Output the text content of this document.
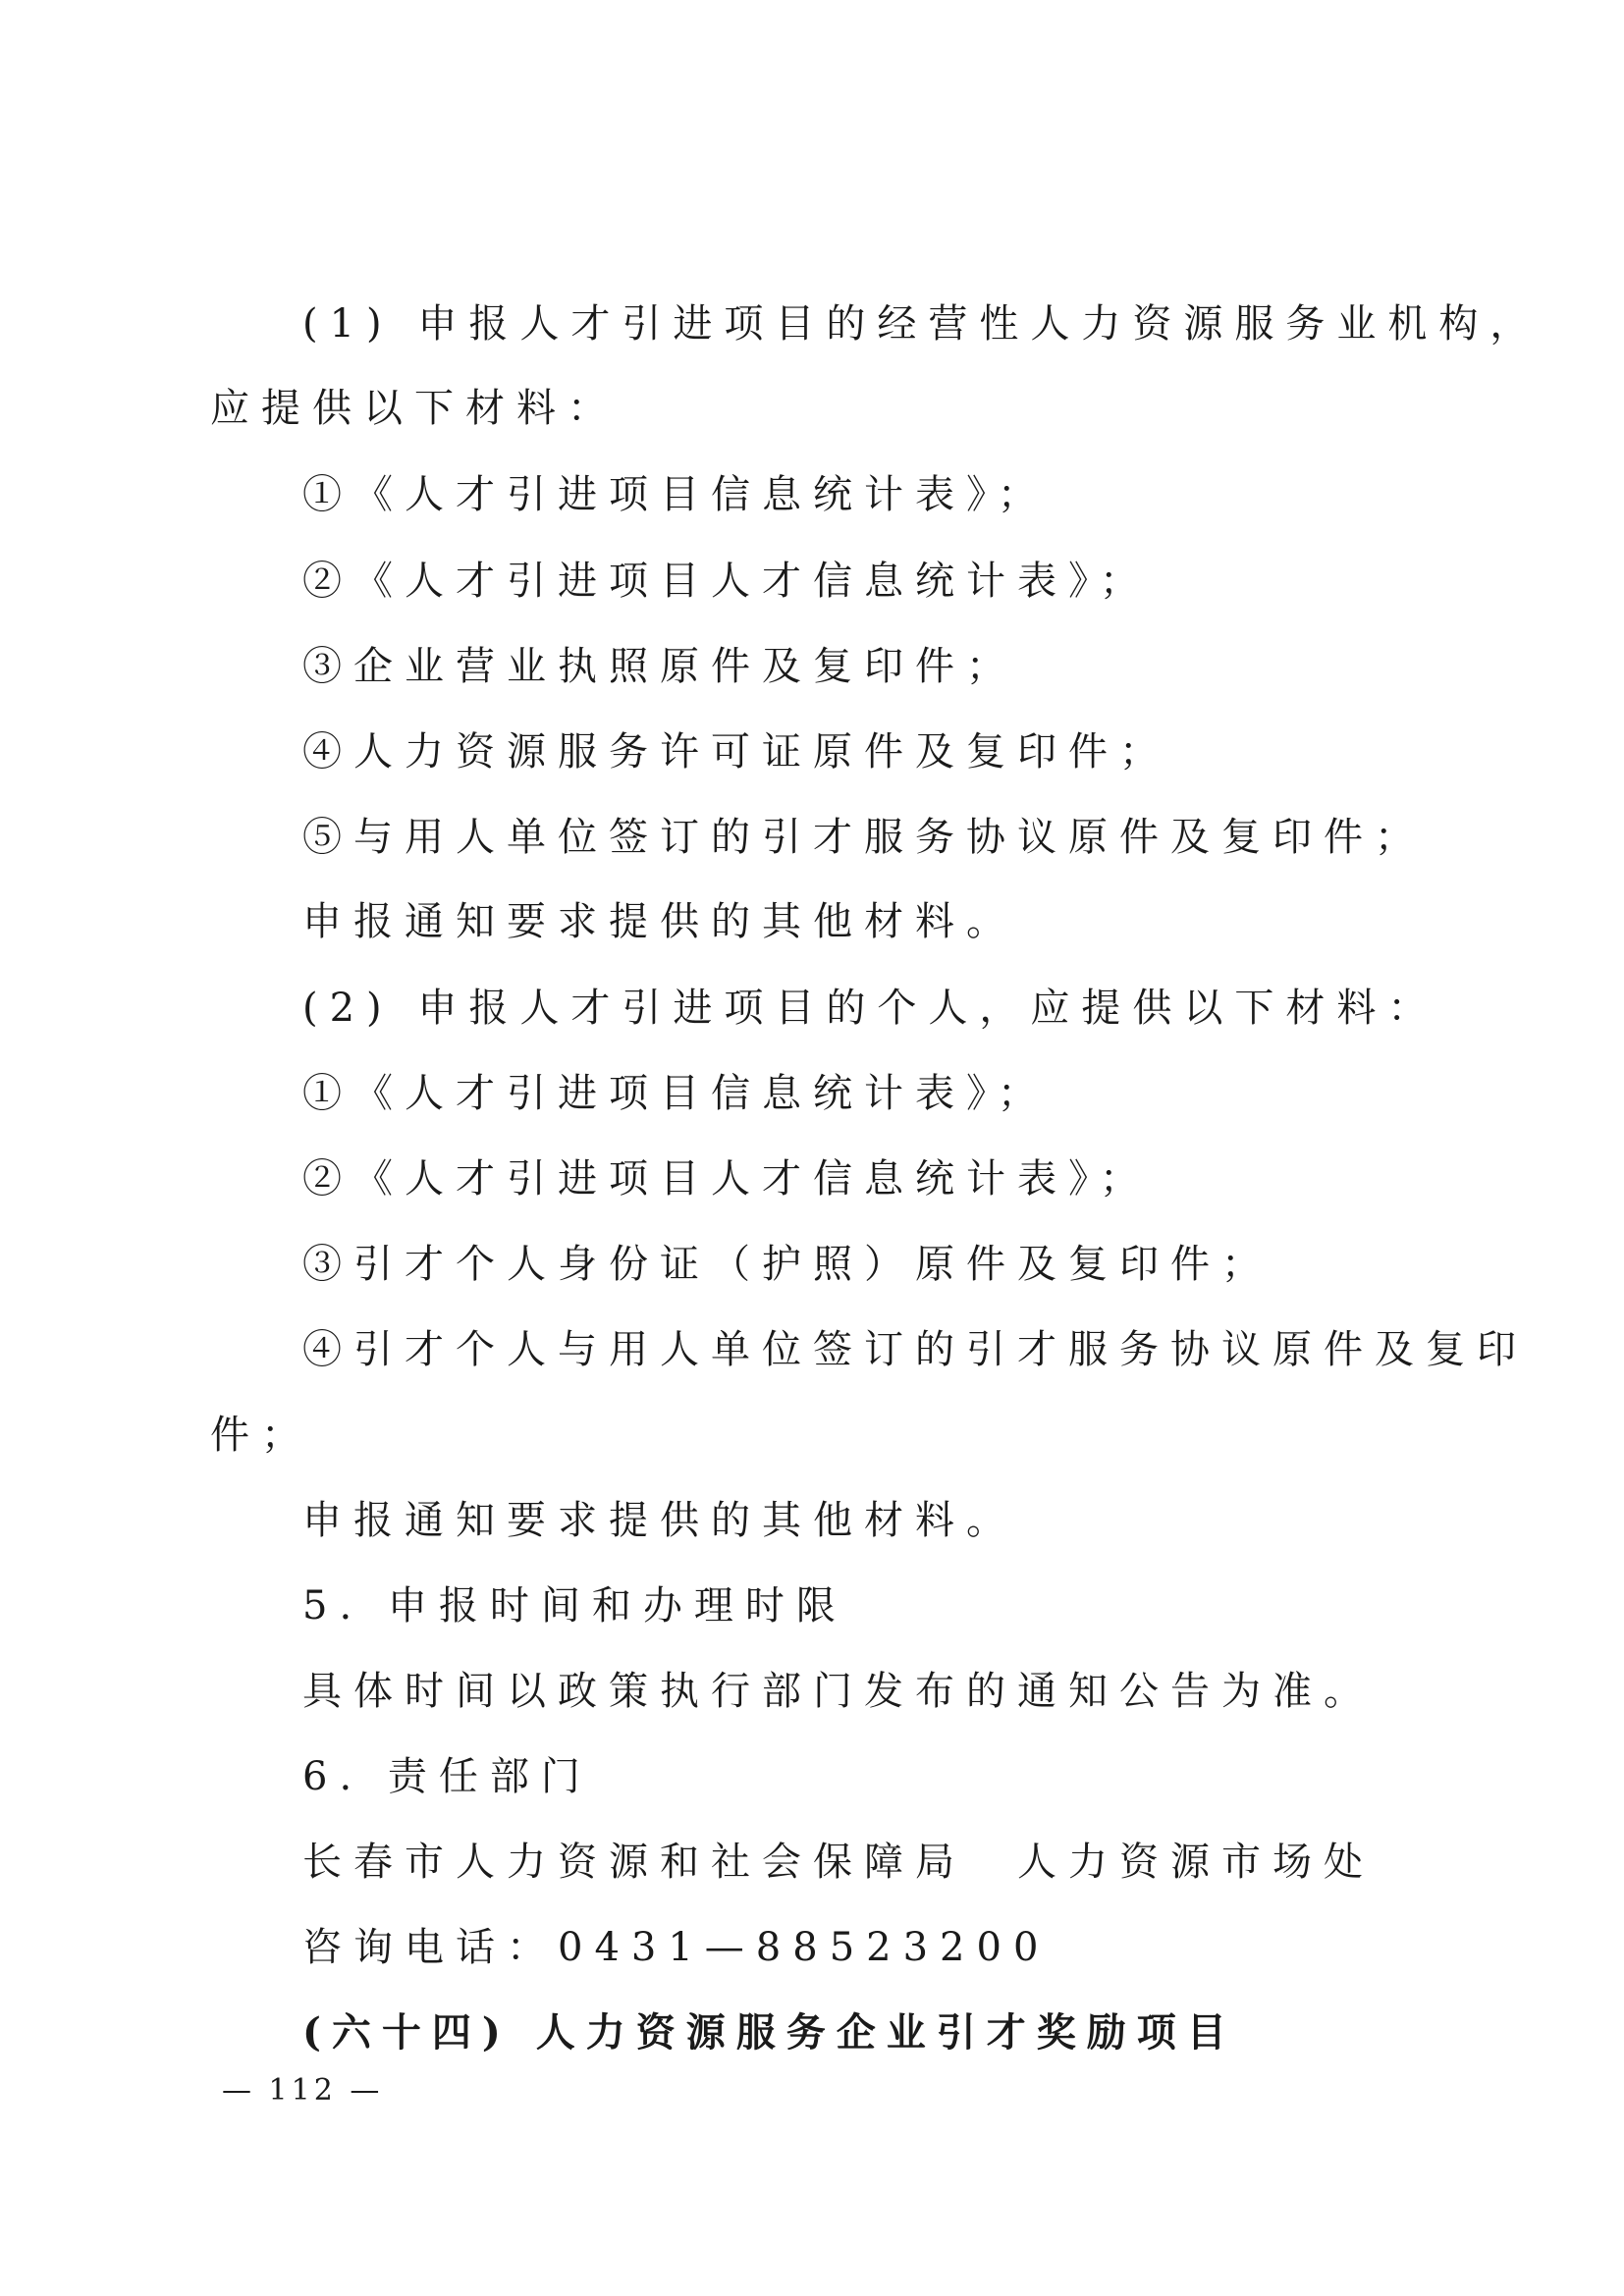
(1) 申报人才引进项目的经营性人力资源服务业机构，
应提供以下材料：
①《人才引进项目信息统计表》；
②《人才引进项目人才信息统计表》；
③企业营业执照原件及复印件；
④人力资源服务许可证原件及复印件；
⑤与用人单位签订的引才服务协议原件及复印件；
申报通知要求提供的其他材料。
(2) 申报人才引进项目的个人，应提供以下材料：
①《人才引进项目信息统计表》；
②《人才引进项目人才信息统计表》；
③引才个人身份证（护照）原件及复印件；
④引才个人与用人单位签订的引才服务协议原件及复印
件；
申报通知要求提供的其他材料。
5. 申报时间和办理时限
具体时间以政策执行部门发布的通知公告为准。
6. 责任部门
长春市人力资源和社会保障局　人力资源市场处
咨询电话：0431—88523200
(六十四) 人力资源服务企业引才奖励项目
— 112 —
